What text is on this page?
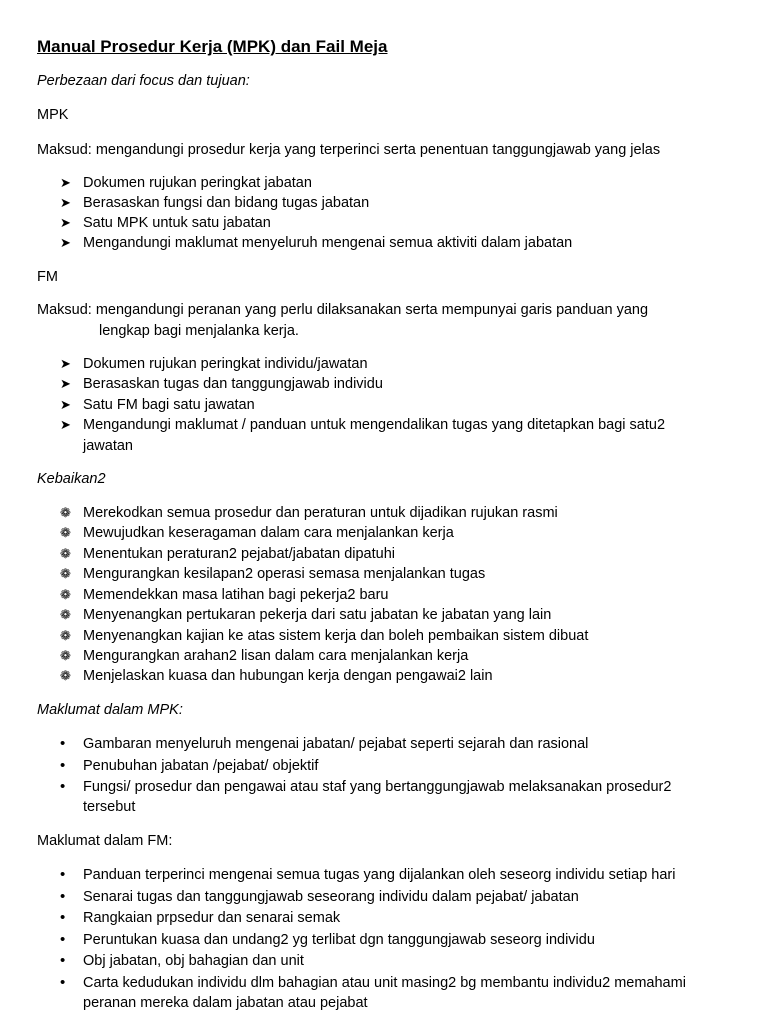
Manual Prosedur Kerja (MPK) dan Fail Meja
Perbezaan dari focus dan tujuan:
MPK
Maksud: mengandungi prosedur kerja yang terperinci serta penentuan tanggungjawab yang jelas
➤ Dokumen rujukan peringkat jabatan
➤ Berasaskan fungsi dan bidang tugas jabatan
➤ Satu MPK untuk satu jabatan
➤ Mengandungi maklumat menyeluruh mengenai semua aktiviti dalam jabatan
FM
Maksud: mengandungi peranan yang perlu dilaksanakan serta mempunyai garis panduan yang
lengkap bagi menjalanka kerja.
➤ Dokumen rujukan peringkat individu/jawatan
➤ Berasaskan tugas dan tanggungjawab individu
➤ Satu FM bagi satu jawatan
➤ Mengandungi maklumat / panduan untuk mengendalikan tugas yang ditetapkan bagi satu2
jawatan
Kebaikan2
❁ Merekodkan semua prosedur dan peraturan untuk dijadikan rujukan rasmi
❁ Mewujudkan keseragaman dalam cara menjalankan kerja
❁ Menentukan peraturan2 pejabat/jabatan dipatuhi
❁ Mengurangkan kesilapan2 operasi semasa menjalankan tugas
❁ Memendekkan masa latihan bagi pekerja2 baru
❁ Menyenangkan pertukaran pekerja dari satu jabatan ke jabatan yang lain
❁ Menyenangkan kajian ke atas sistem kerja dan boleh pembaikan sistem dibuat
❁ Mengurangkan arahan2 lisan dalam cara menjalankan kerja
❁ Menjelaskan kuasa dan hubungan kerja dengan pengawai2 lain
Maklumat dalam MPK:
• Gambaran menyeluruh mengenai jabatan/ pejabat seperti sejarah dan rasional
• Penubuhan jabatan /pejabat/ objektif
• Fungsi/ prosedur dan pengawai atau staf yang bertanggungjawab melaksanakan prosedur2
tersebut
Maklumat dalam FM:
• Panduan terperinci mengenai semua tugas yang dijalankan oleh seseorg individu setiap hari
• Senarai tugas dan tanggungjawab seseorang individu dalam pejabat/ jabatan
• Rangkaian prpsedur dan senarai semak
• Peruntukan kuasa dan undang2 yg terlibat dgn tanggungjawab seseorg individu
• Obj jabatan, obj bahagian dan unit
• Carta kedudukan individu dlm bahagian atau unit masing2 bg membantu individu2 memahami
peranan mereka dalam jabatan atau pejabat
